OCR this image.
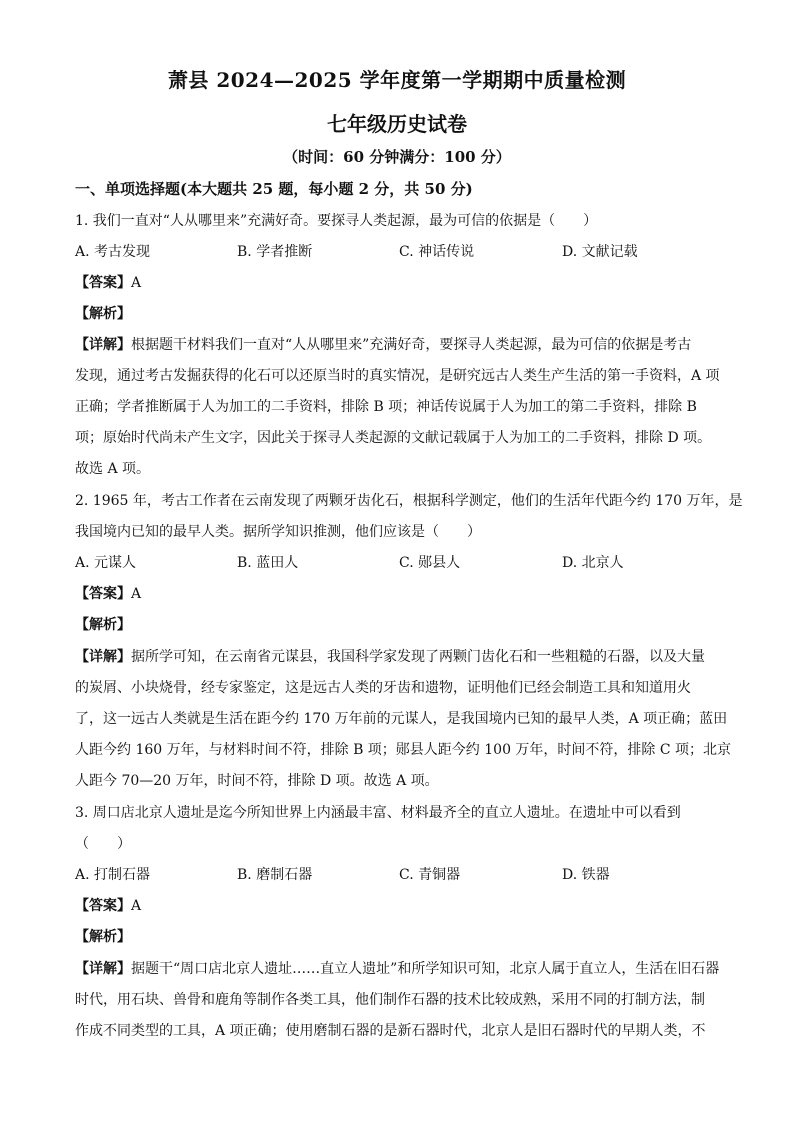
萧县 2024—2025 学年度第一学期期中质量检测
七年级历史试卷
（时间：60 分钟满分：100 分）
一、单项选择题(本大题共 25 题，每小题 2 分，共 50 分)
1. 我们一直对“人从哪里来”充满好奇。要探寻人类起源，最为可信的依据是（　　）
A. 考古发现	B. 学者推断	C. 神话传说	D. 文献记载
【答案】A
【解析】
【详解】根据题干材料我们一直对“人从哪里来”充满好奇，要探寻人类起源，最为可信的依据是考古
发现，通过考古发掘获得的化石可以还原当时的真实情况，是研究远古人类生产生活的第一手资料，A 项
正确；学者推断属于人为加工的二手资料，排除 B 项；神话传说属于人为加工的第二手资料，排除 B
项；原始时代尚未产生文字，因此关于探寻人类起源的文献记载属于人为加工的二手资料，排除 D 项。
故选 A 项。
2. 1965 年，考古工作者在云南发现了两颗牙齿化石，根据科学测定，他们的生活年代距今约 170 万年，是
我国境内已知的最早人类。据所学知识推测，他们应该是（　　）
A. 元谋人	B. 蓝田人	C. 郧县人	D. 北京人
【答案】A
【解析】
【详解】据所学可知，在云南省元谋县，我国科学家发现了两颗门齿化石和一些粗糙的石器，以及大量
的炭屑、小块烧骨，经专家鉴定，这是远古人类的牙齿和遗物，证明他们已经会制造工具和知道用火
了，这一远古人类就是生活在距今约 170 万年前的元谋人，是我国境内已知的最早人类，A 项正确；蓝田
人距今约 160 万年，与材料时间不符，排除 B 项；郧县人距今约 100 万年，时间不符，排除 C 项；北京
人距今 70—20 万年，时间不符，排除 D 项。故选 A 项。
3. 周口店北京人遗址是迄今所知世界上内涵最丰富、材料最齐全的直立人遗址。在遗址中可以看到
（　　）
A. 打制石器	B. 磨制石器	C. 青铜器	D. 铁器
【答案】A
【解析】
【详解】据题干“周口店北京人遗址……直立人遗址”和所学知识可知，北京人属于直立人，生活在旧石器
时代，用石块、兽骨和鹿角等制作各类工具，他们制作石器的技术比较成熟，采用不同的打制方法，制
作成不同类型的工具，A 项正确；使用磨制石器的是新石器时代，北京人是旧石器时代的早期人类，不
